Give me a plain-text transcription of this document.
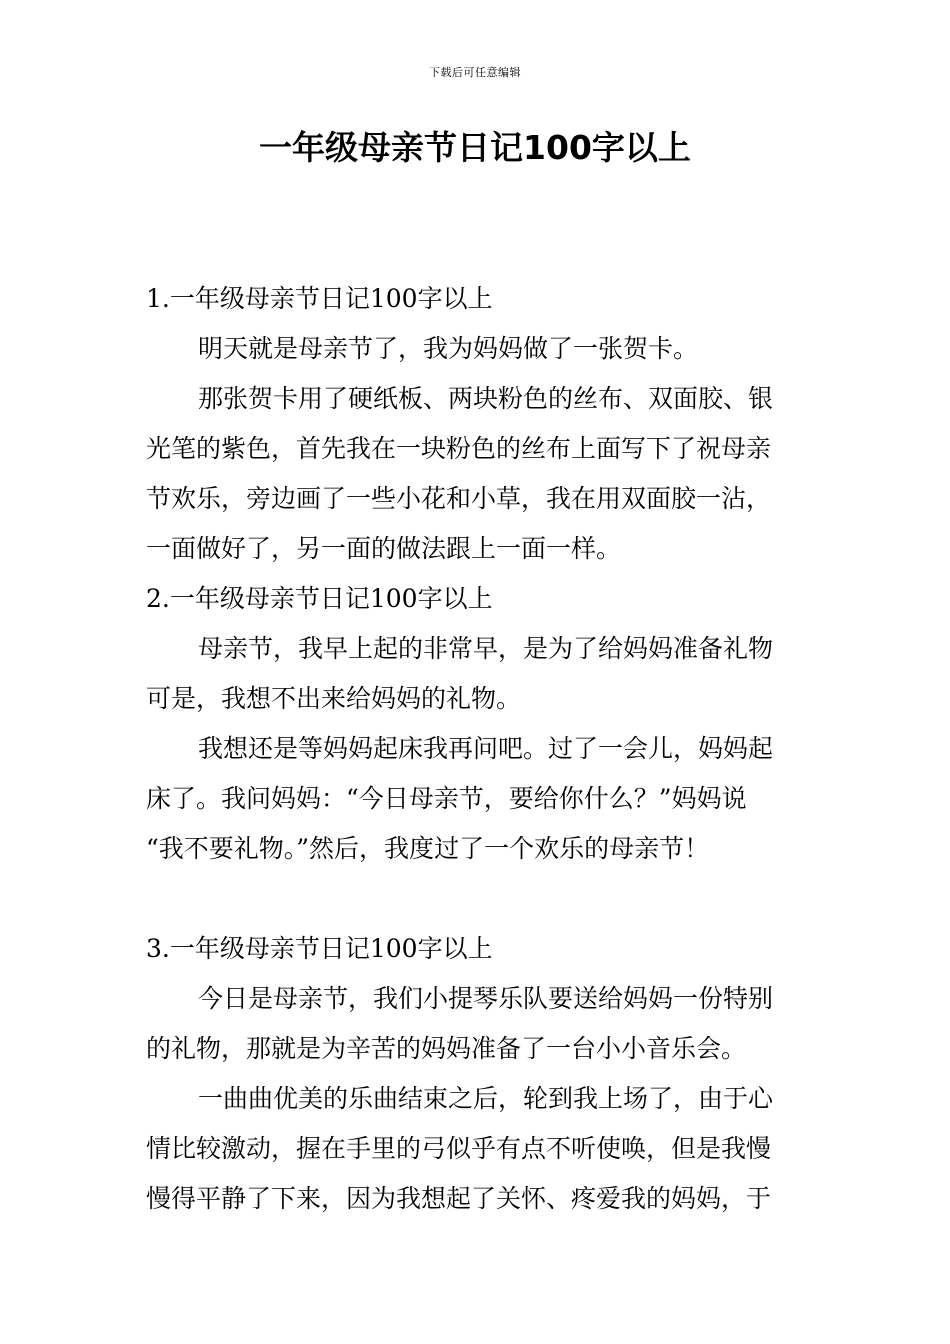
下载后可任意编辑
一年级母亲节日记100字以上
1.一年级母亲节日记100字以上
明天就是母亲节了，我为妈妈做了一张贺卡。
那张贺卡用了硬纸板、两块粉色的丝布、双面胶、银
光笔的紫色，首先我在一块粉色的丝布上面写下了祝母亲
节欢乐，旁边画了一些小花和小草，我在用双面胶一沾，
一面做好了，另一面的做法跟上一面一样。
2.一年级母亲节日记100字以上
母亲节，我早上起的非常早，是为了给妈妈准备礼物
可是，我想不出来给妈妈的礼物。
我想还是等妈妈起床我再问吧。过了一会儿，妈妈起
床了。我问妈妈：“今日母亲节，要给你什么？”妈妈说
“我不要礼物。”然后，我度过了一个欢乐的母亲节！
3.一年级母亲节日记100字以上
今日是母亲节，我们小提琴乐队要送给妈妈一份特别
的礼物，那就是为辛苦的妈妈准备了一台小小音乐会。
一曲曲优美的乐曲结束之后，轮到我上场了，由于心
情比较激动，握在手里的弓似乎有点不听使唤，但是我慢
慢得平静了下来，因为我想起了关怀、疼爱我的妈妈，于
